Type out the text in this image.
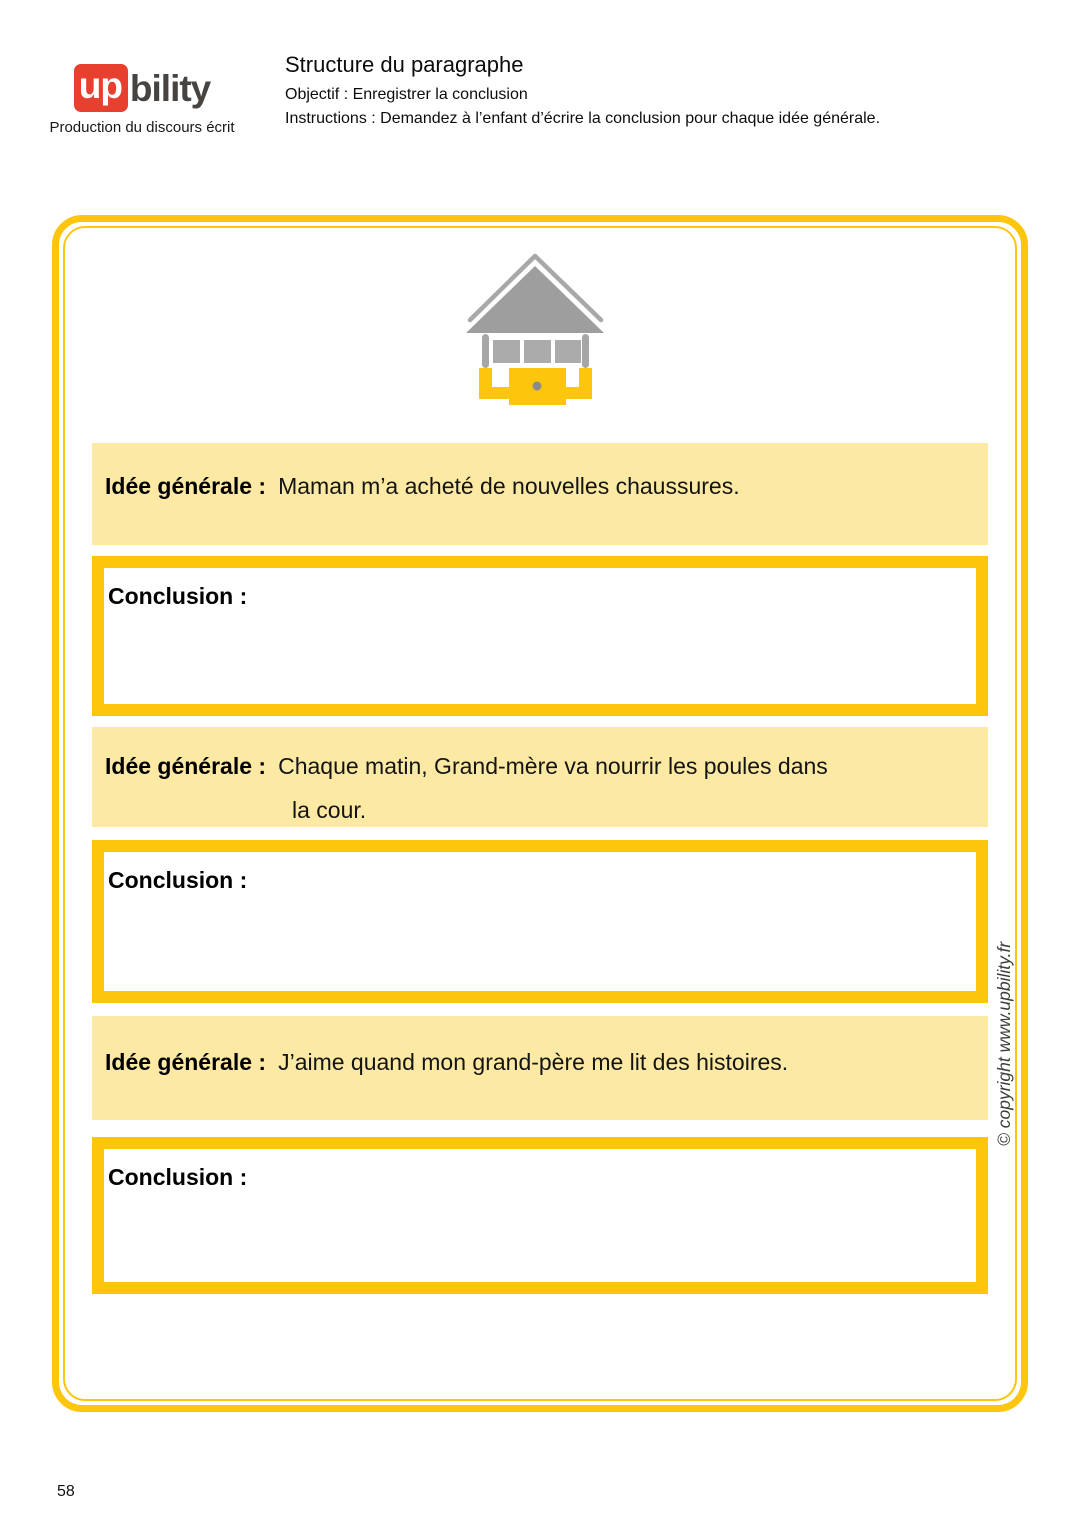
up bility
Production du discours écrit
Structure du paragraphe
Objectif : Enregistrer la conclusion
Instructions : Demandez à l’enfant d’écrire la conclusion pour chaque idée générale.
Idée générale : Maman m’a acheté de nouvelles chaussures.
Conclusion :
Idée générale : Chaque matin, Grand-mère va nourrir les poules dans
la cour.
Conclusion :
Idée générale : J’aime quand mon grand-père me lit des histoires.
Conclusion :
© copyright www.upbility.fr
58
